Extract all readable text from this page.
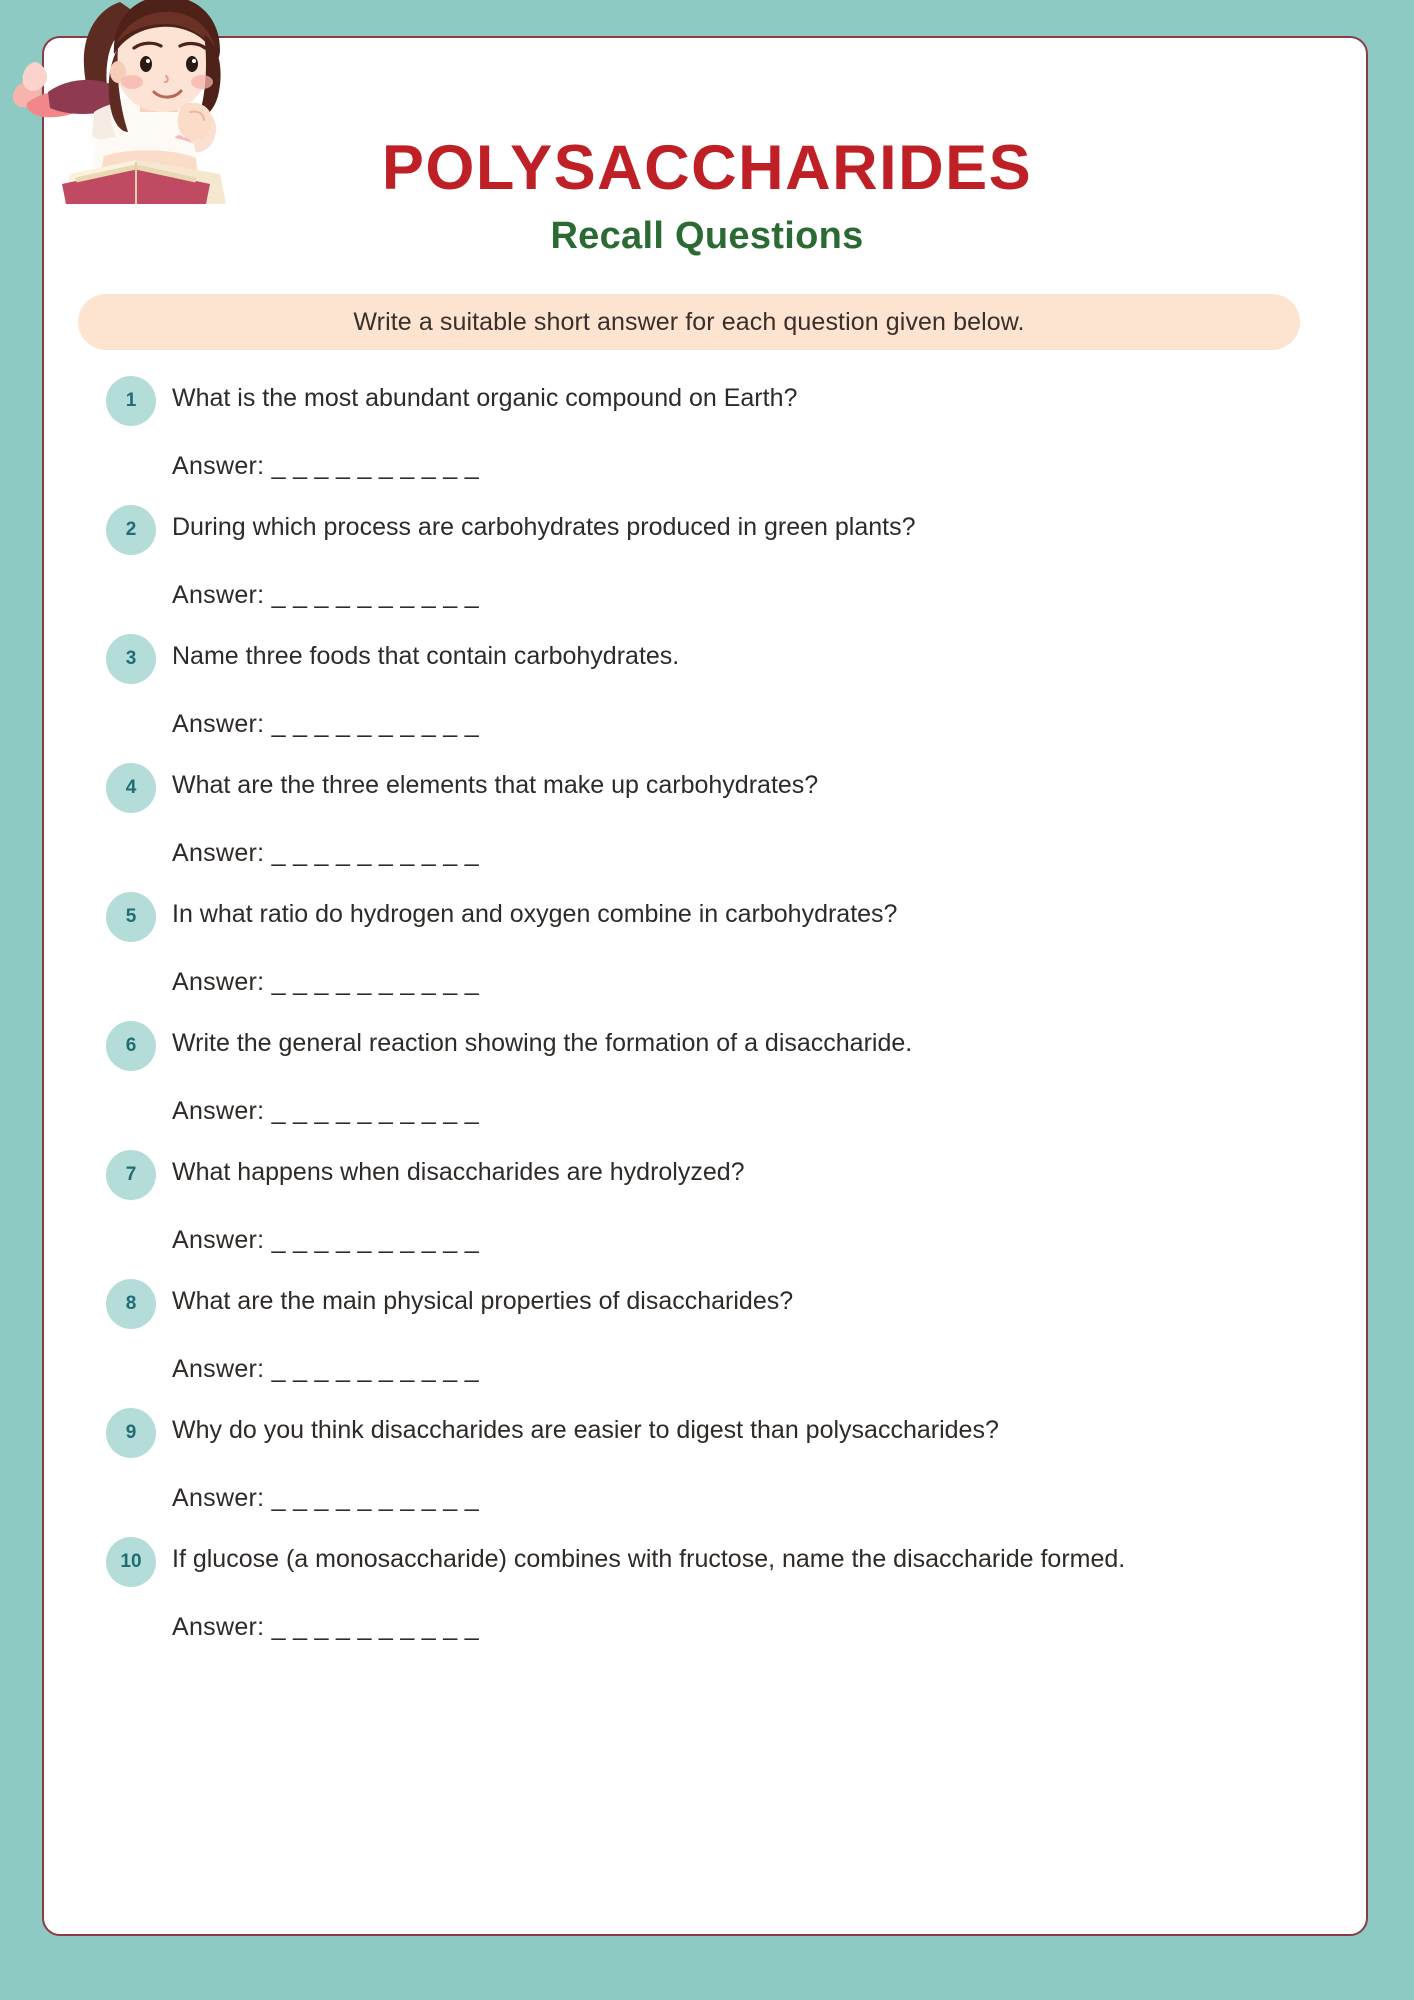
POLYSACCHARIDES
Recall Questions
Write a suitable short answer for each question given below.
1	What is the most abundant organic compound on Earth?
Answer: _ _ _ _ _ _ _ _ _ _
2	During which process are carbohydrates produced in green plants?
Answer: _ _ _ _ _ _ _ _ _ _
3	Name three foods that contain carbohydrates.
Answer: _ _ _ _ _ _ _ _ _ _
4	What are the three elements that make up carbohydrates?
Answer: _ _ _ _ _ _ _ _ _ _
5	In what ratio do hydrogen and oxygen combine in carbohydrates?
Answer: _ _ _ _ _ _ _ _ _ _
6	Write the general reaction showing the formation of a disaccharide.
Answer: _ _ _ _ _ _ _ _ _ _
7	What happens when disaccharides are hydrolyzed?
Answer: _ _ _ _ _ _ _ _ _ _
8	What are the main physical properties of disaccharides?
Answer: _ _ _ _ _ _ _ _ _ _
9	Why do you think disaccharides are easier to digest than polysaccharides?
Answer: _ _ _ _ _ _ _ _ _ _
10	If glucose (a monosaccharide) combines with fructose, name the disaccharide formed.
Answer: _ _ _ _ _ _ _ _ _ _
